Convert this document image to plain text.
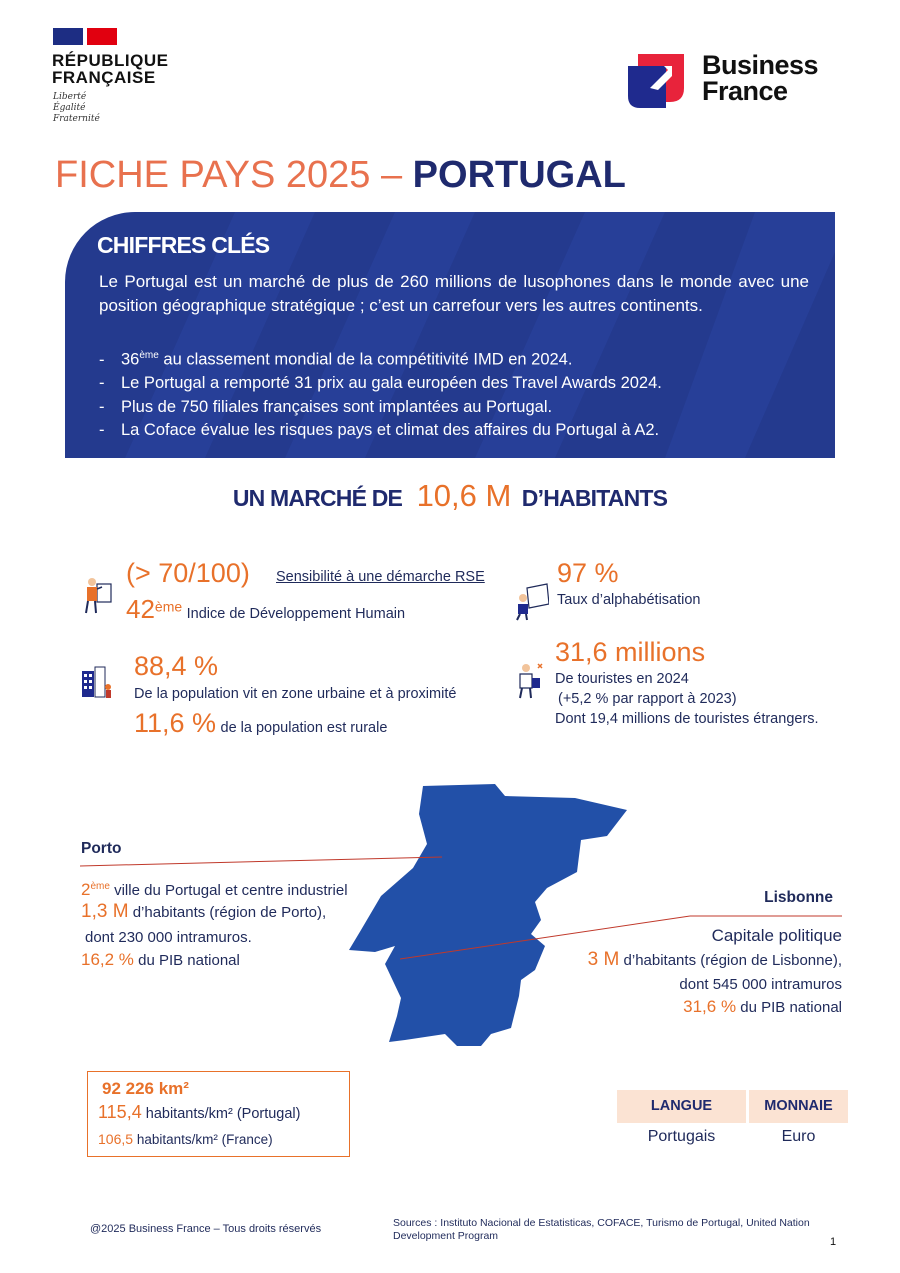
RÉPUBLIQUE
FRANÇAISE
Liberté
Égalité
Fraternité
Business
France
FICHE PAYS 2025 – PORTUGAL
CHIFFRES CLÉS
Le Portugal est un marché de plus de 260 millions de lusophones dans le monde avec une position géographique stratégique ; c’est un carrefour vers les autres continents.
- 36ème au classement mondial de la compétitivité IMD en 2024.
- Le Portugal a remporté 31 prix au gala européen des Travel Awards 2024.
- Plus de 750 filiales françaises sont implantées au Portugal.
- La Coface évalue les risques pays et climat des affaires du Portugal à A2.
UN MARCHÉ DE 10,6 M D’HABITANTS
(> 70/100) Sensibilité à une démarche RSE
42ème Indice de Développement Humain
97 %
Taux d’alphabétisation
88,4 %
De la population vit en zone urbaine et à proximité
11,6 % de la population est rurale
31,6 millions
De touristes en 2024
(+5,2 % par rapport à 2023)
Dont 19,4 millions de touristes étrangers.
Porto
2ème ville du Portugal et centre industriel
1,3 M d’habitants (région de Porto),
dont 230 000 intramuros.
16,2 % du PIB national
Lisbonne
Capitale politique
3 M d’habitants (région de Lisbonne),
dont 545 000 intramuros
31,6 % du PIB national
92 226 km²
115,4 habitants/km² (Portugal)
106,5 habitants/km² (France)
LANGUE	MONNAIE
Portugais	Euro
@2025 Business France – Tous droits réservés	Sources : Instituto Nacional de Estatisticas, COFACE, Turismo de Portugal, United Nation
Development Program	1
